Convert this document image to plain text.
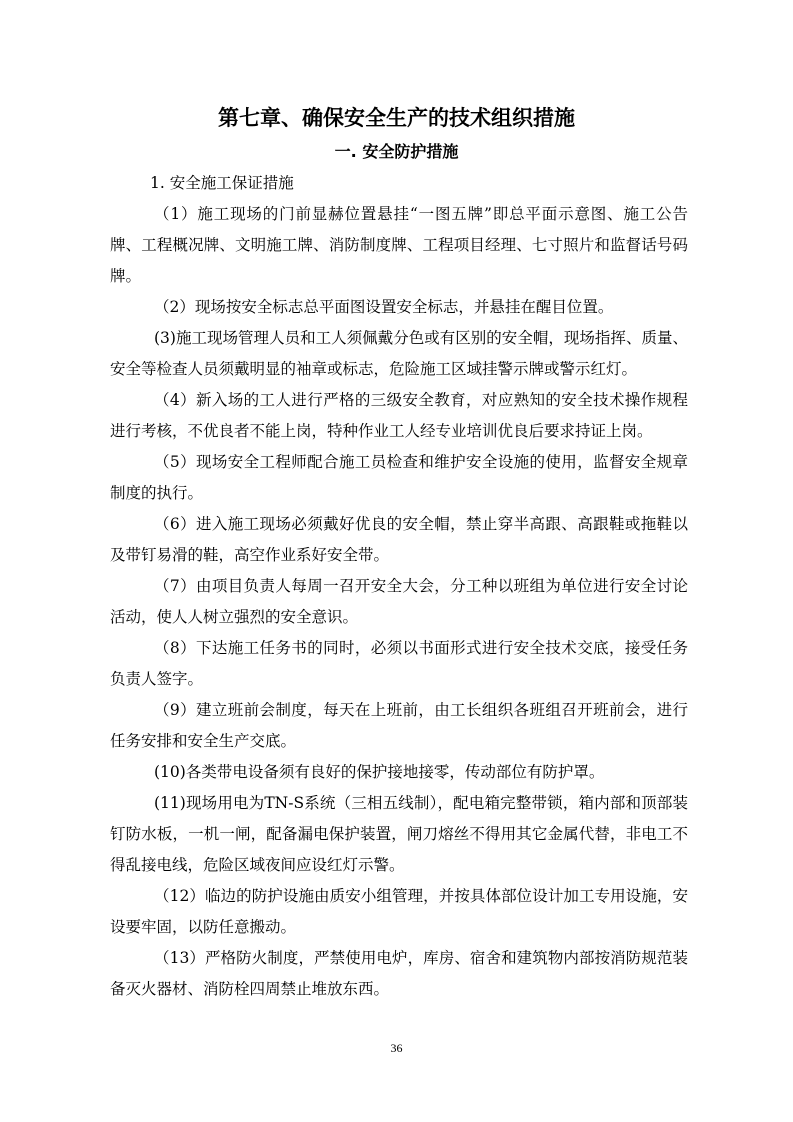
第七章、确保安全生产的技术组织措施
一. 安全防护措施

1. 安全施工保证措施

（1）施工现场的门前显赫位置悬挂“一图五牌”即总平面示意图、施工公告牌、工程概况牌、文明施工牌、消防制度牌、工程项目经理、七寸照片和监督话号码牌。

（2）现场按安全标志总平面图设置安全标志，并悬挂在醒目位置。

(3)施工现场管理人员和工人须佩戴分色或有区别的安全帽，现场指挥、质量、安全等检查人员须戴明显的袖章或标志，危险施工区域挂警示牌或警示红灯。

（4）新入场的工人进行严格的三级安全教育，对应熟知的安全技术操作规程进行考核，不优良者不能上岗，特种作业工人经专业培训优良后要求持证上岗。

（5）现场安全工程师配合施工员检查和维护安全设施的使用，监督安全规章制度的执行。

（6）进入施工现场必须戴好优良的安全帽，禁止穿半高跟、高跟鞋或拖鞋以及带钉易滑的鞋，高空作业系好安全带。

（7）由项目负责人每周一召开安全大会，分工种以班组为单位进行安全讨论活动，使人人树立强烈的安全意识。

（8）下达施工任务书的同时，必须以书面形式进行安全技术交底，接受任务负责人签字。

（9）建立班前会制度，每天在上班前，由工长组织各班组召开班前会，进行任务安排和安全生产交底。

(10)各类带电设备须有良好的保护接地接零，传动部位有防护罩。

(11)现场用电为TN-S系统（三相五线制），配电箱完整带锁，箱内部和顶部装钉防水板，一机一闸，配备漏电保护装置，闸刀熔丝不得用其它金属代替，非电工不得乱接电线，危险区域夜间应设红灯示警。

（12）临边的防护设施由质安小组管理，并按具体部位设计加工专用设施，安设要牢固，以防任意搬动。

（13）严格防火制度，严禁使用电炉，库房、宿舍和建筑物内部按消防规范装备灭火器材、消防栓四周禁止堆放东西。

36
